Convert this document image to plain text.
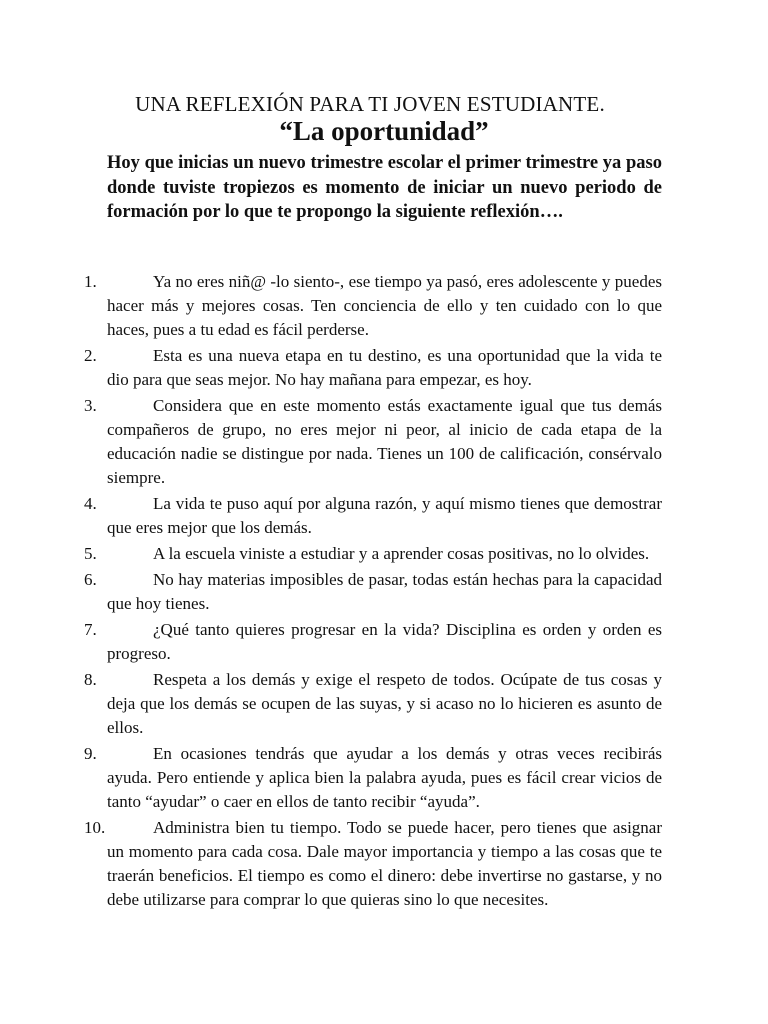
UNA REFLEXIÓN PARA TI JOVEN ESTUDIANTE.
“La oportunidad”
Hoy que inicias un nuevo trimestre escolar el primer trimestre ya paso donde tuviste tropiezos es momento de iniciar un nuevo periodo de formación por lo que te propongo la siguiente reflexión….
1.	Ya no eres niñ@ -lo siento-, ese tiempo ya pasó, eres adolescente y puedes hacer más y mejores cosas. Ten conciencia de ello y ten cuidado con lo que haces, pues a tu edad es fácil perderse.
2.	Esta es una nueva etapa en tu destino, es una oportunidad que la vida te dio para que seas mejor. No hay mañana para empezar, es hoy.
3.	Considera que en este momento estás exactamente igual que tus demás compañeros de grupo, no eres mejor ni peor, al inicio de cada etapa de la educación nadie se distingue por nada. Tienes un 100 de calificación, consérvalo siempre.
4.	La vida te puso aquí por alguna razón, y aquí mismo tienes que demostrar que eres mejor que los demás.
5.	A la escuela viniste a estudiar y a aprender cosas positivas, no lo olvides.
6.	No hay materias imposibles de pasar, todas están hechas para la capacidad que hoy tienes.
7.	¿Qué tanto quieres progresar en la vida? Disciplina es orden y orden es progreso.
8.	Respeta a los demás y exige el respeto de todos. Ocúpate de tus cosas y deja que los demás se ocupen de las suyas, y si acaso no lo hicieren es asunto de ellos.
9.	En ocasiones tendrás que ayudar a los demás y otras veces recibirás ayuda. Pero entiende y aplica bien la palabra ayuda, pues es fácil crear vicios de tanto “ayudar” o caer en ellos de tanto recibir “ayuda”.
10.	Administra bien tu tiempo. Todo se puede hacer, pero tienes que asignar un momento para cada cosa. Dale mayor importancia y tiempo a las cosas que te traerán beneficios. El tiempo es como el dinero: debe invertirse no gastarse, y no debe utilizarse para comprar lo que quieras sino lo que necesites.
